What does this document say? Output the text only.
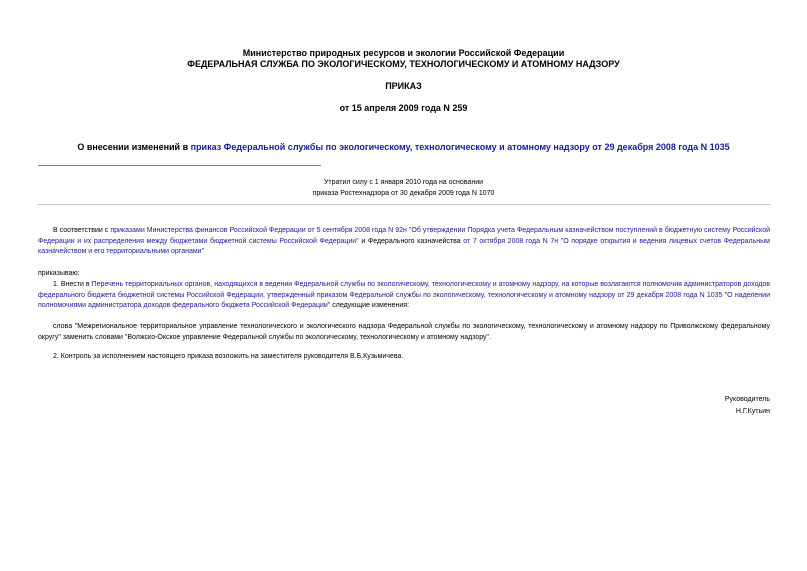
Министерство природных ресурсов и экологии Российской Федерации
ФЕДЕРАЛЬНАЯ СЛУЖБА ПО ЭКОЛОГИЧЕСКОМУ, ТЕХНОЛОГИЧЕСКОМУ И АТОМНОМУ НАДЗОРУ
ПРИКАЗ
от 15 апреля 2009 года N 259
О внесении изменений в приказ Федеральной службы по экологическому, технологическому и атомному надзору от 29 декабря 2008 года N 1035
Утратил силу с 1 января 2010 года на основании
приказа Ростехнадзора от 30 декабря 2009 года N 1070
В соответствии с приказами Министерства финансов Российской Федерации от 5 сентября 2008 года N 92н "Об утверждении Порядка учета Федеральным казначейством поступлений в бюджетную систему Российской Федерации и их распределения между бюджетами бюджетной системы Российской Федерации" и Федерального казначейства от 7 октября 2008 года N 7н "О порядке открытия и ведения лицевых счетов Федеральным казначейством и его территориальными органами"
приказываю:
1. Внести в Перечень территориальных органов, находящихся в ведении Федеральной службы по экологическому, технологическому и атомному надзору, на которые возлагаются полномочия администраторов доходов федерального бюджета бюджетной системы Российской Федерации, утвержденный приказом Федеральной службы по экологическому, технологическому и атомному надзору от 29 декабря 2008 года N 1035 "О наделении полномочиями администратора доходов федерального бюджета Российской Федерации" следующие изменения:
слова "Межрегиональное территориальное управление технологического и экологического надзора Федеральной службы по экологическому, технологическому и атомному надзору по Приволжскому федеральному округу" заменить словами "Волжско-Окское управление Федеральной службы по экологическому, технологическому и атомному надзору".
2. Контроль за исполнением настоящего приказа возложить на заместителя руководителя В.Б.Кузьмичева.
Руководитель
Н.Г.Кутьин
